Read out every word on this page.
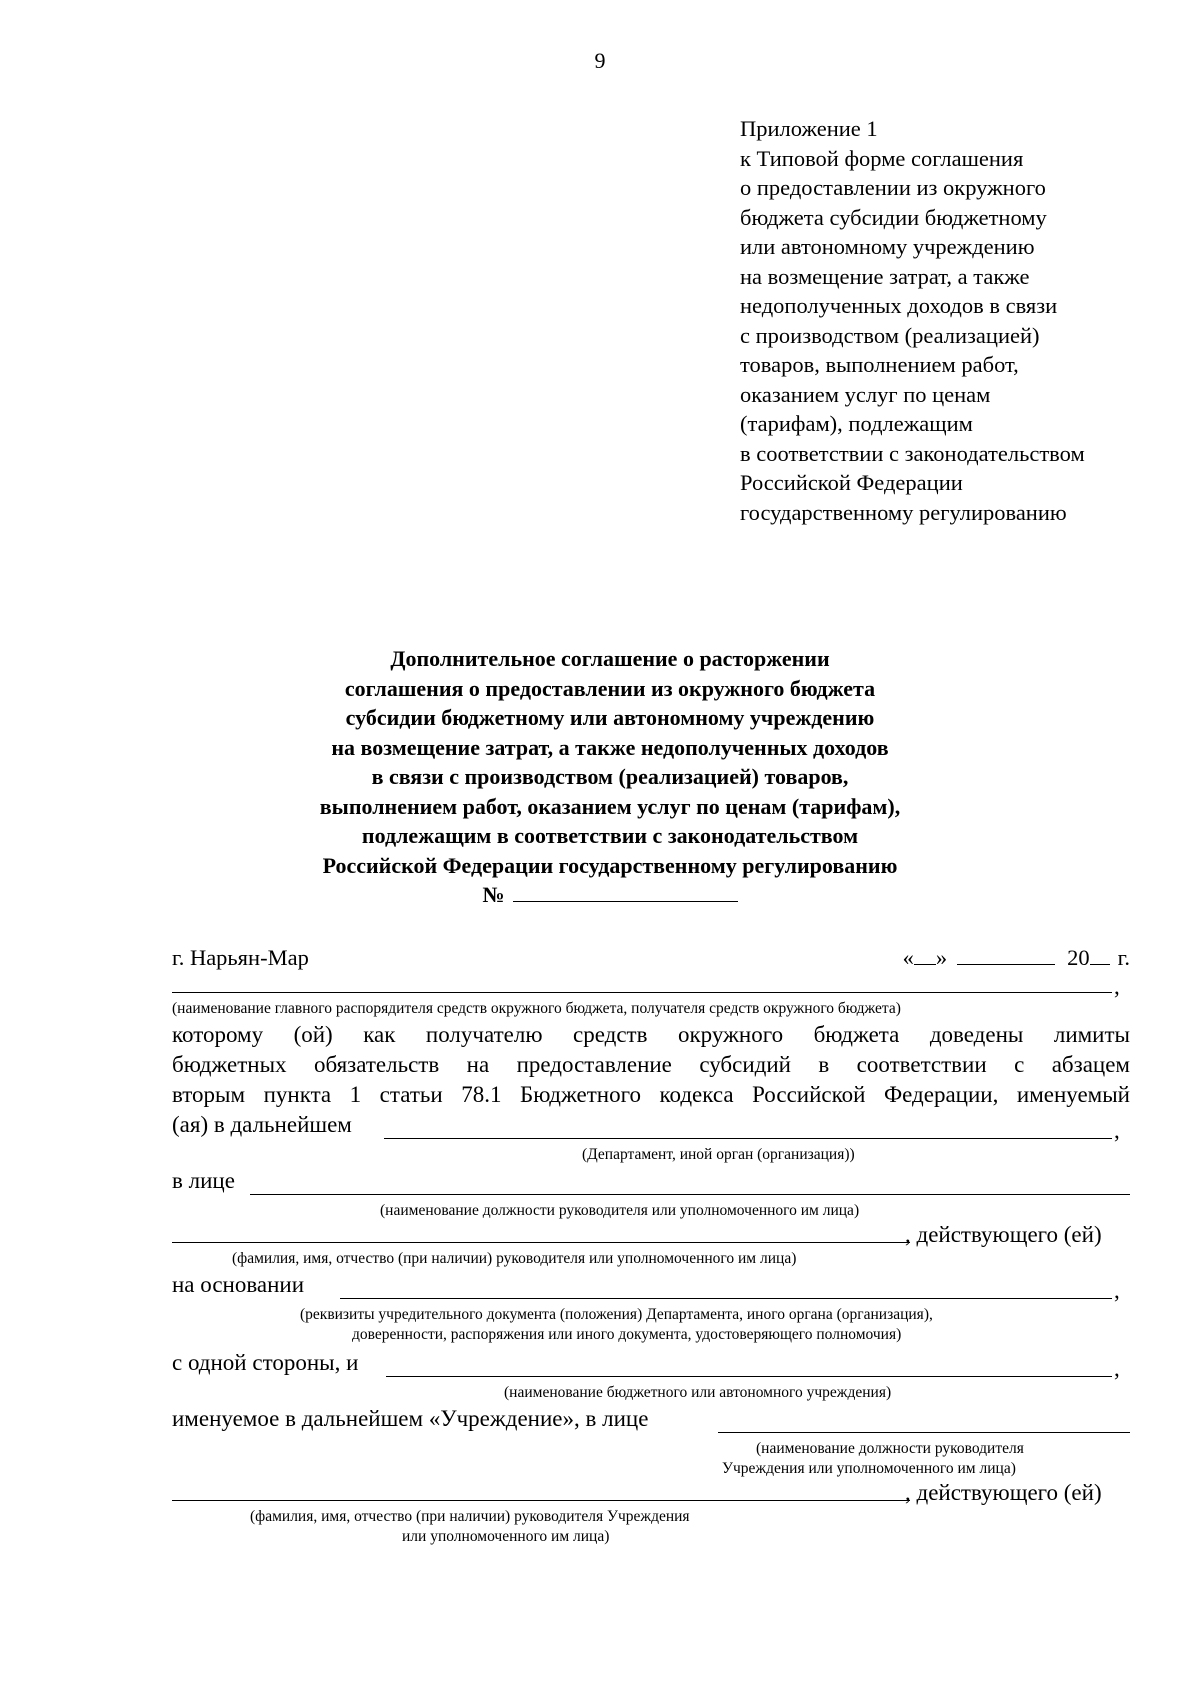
9
Приложение 1
к Типовой форме соглашения
о предоставлении из окружного
бюджета субсидии бюджетному
или автономному учреждению
на возмещение затрат, а также
недополученных доходов в связи
с производством (реализацией)
товаров, выполнением работ,
оказанием услуг по ценам
(тарифам), подлежащим
в соответствии с законодательством
Российской Федерации
государственному регулированию
Дополнительное соглашение о расторжении
соглашения о предоставлении из окружного бюджета
субсидии бюджетному или автономному учреждению
на возмещение затрат, а также недополученных доходов
в связи с производством (реализацией) товаров,
выполнением работ, оказанием услуг по ценам (тарифам),
подлежащим в соответствии с законодательством
Российской Федерации государственному регулированию
№
г. Нарьян-Мар	« »	20 г.
,
(наименование главного распорядителя средств окружного бюджета, получателя средств окружного бюджета)
которому (ой) как получателю средств окружного бюджета доведены лимиты
бюджетных обязательств на предоставление субсидий в соответствии с абзацем
вторым пункта 1 статьи 78.1 Бюджетного кодекса Российской Федерации, именуемый
(ая) в дальнейшем	,
(Департамент, иной орган (организация))
в лице
(наименование должности руководителя или уполномоченного им лица)
, действующего (ей)
(фамилия, имя, отчество (при наличии) руководителя или уполномоченного им лица)
на основании	,
(реквизиты учредительного документа (положения) Департамента, иного органа (организация),
доверенности, распоряжения или иного документа, удостоверяющего полномочия)
с одной стороны, и	,
(наименование бюджетного или автономного учреждения)
именуемое в дальнейшем «Учреждение», в лице
(наименование должности руководителя
Учреждения или уполномоченного им лица)
, действующего (ей)
(фамилия, имя, отчество (при наличии) руководителя Учреждения
или уполномоченного им лица)
